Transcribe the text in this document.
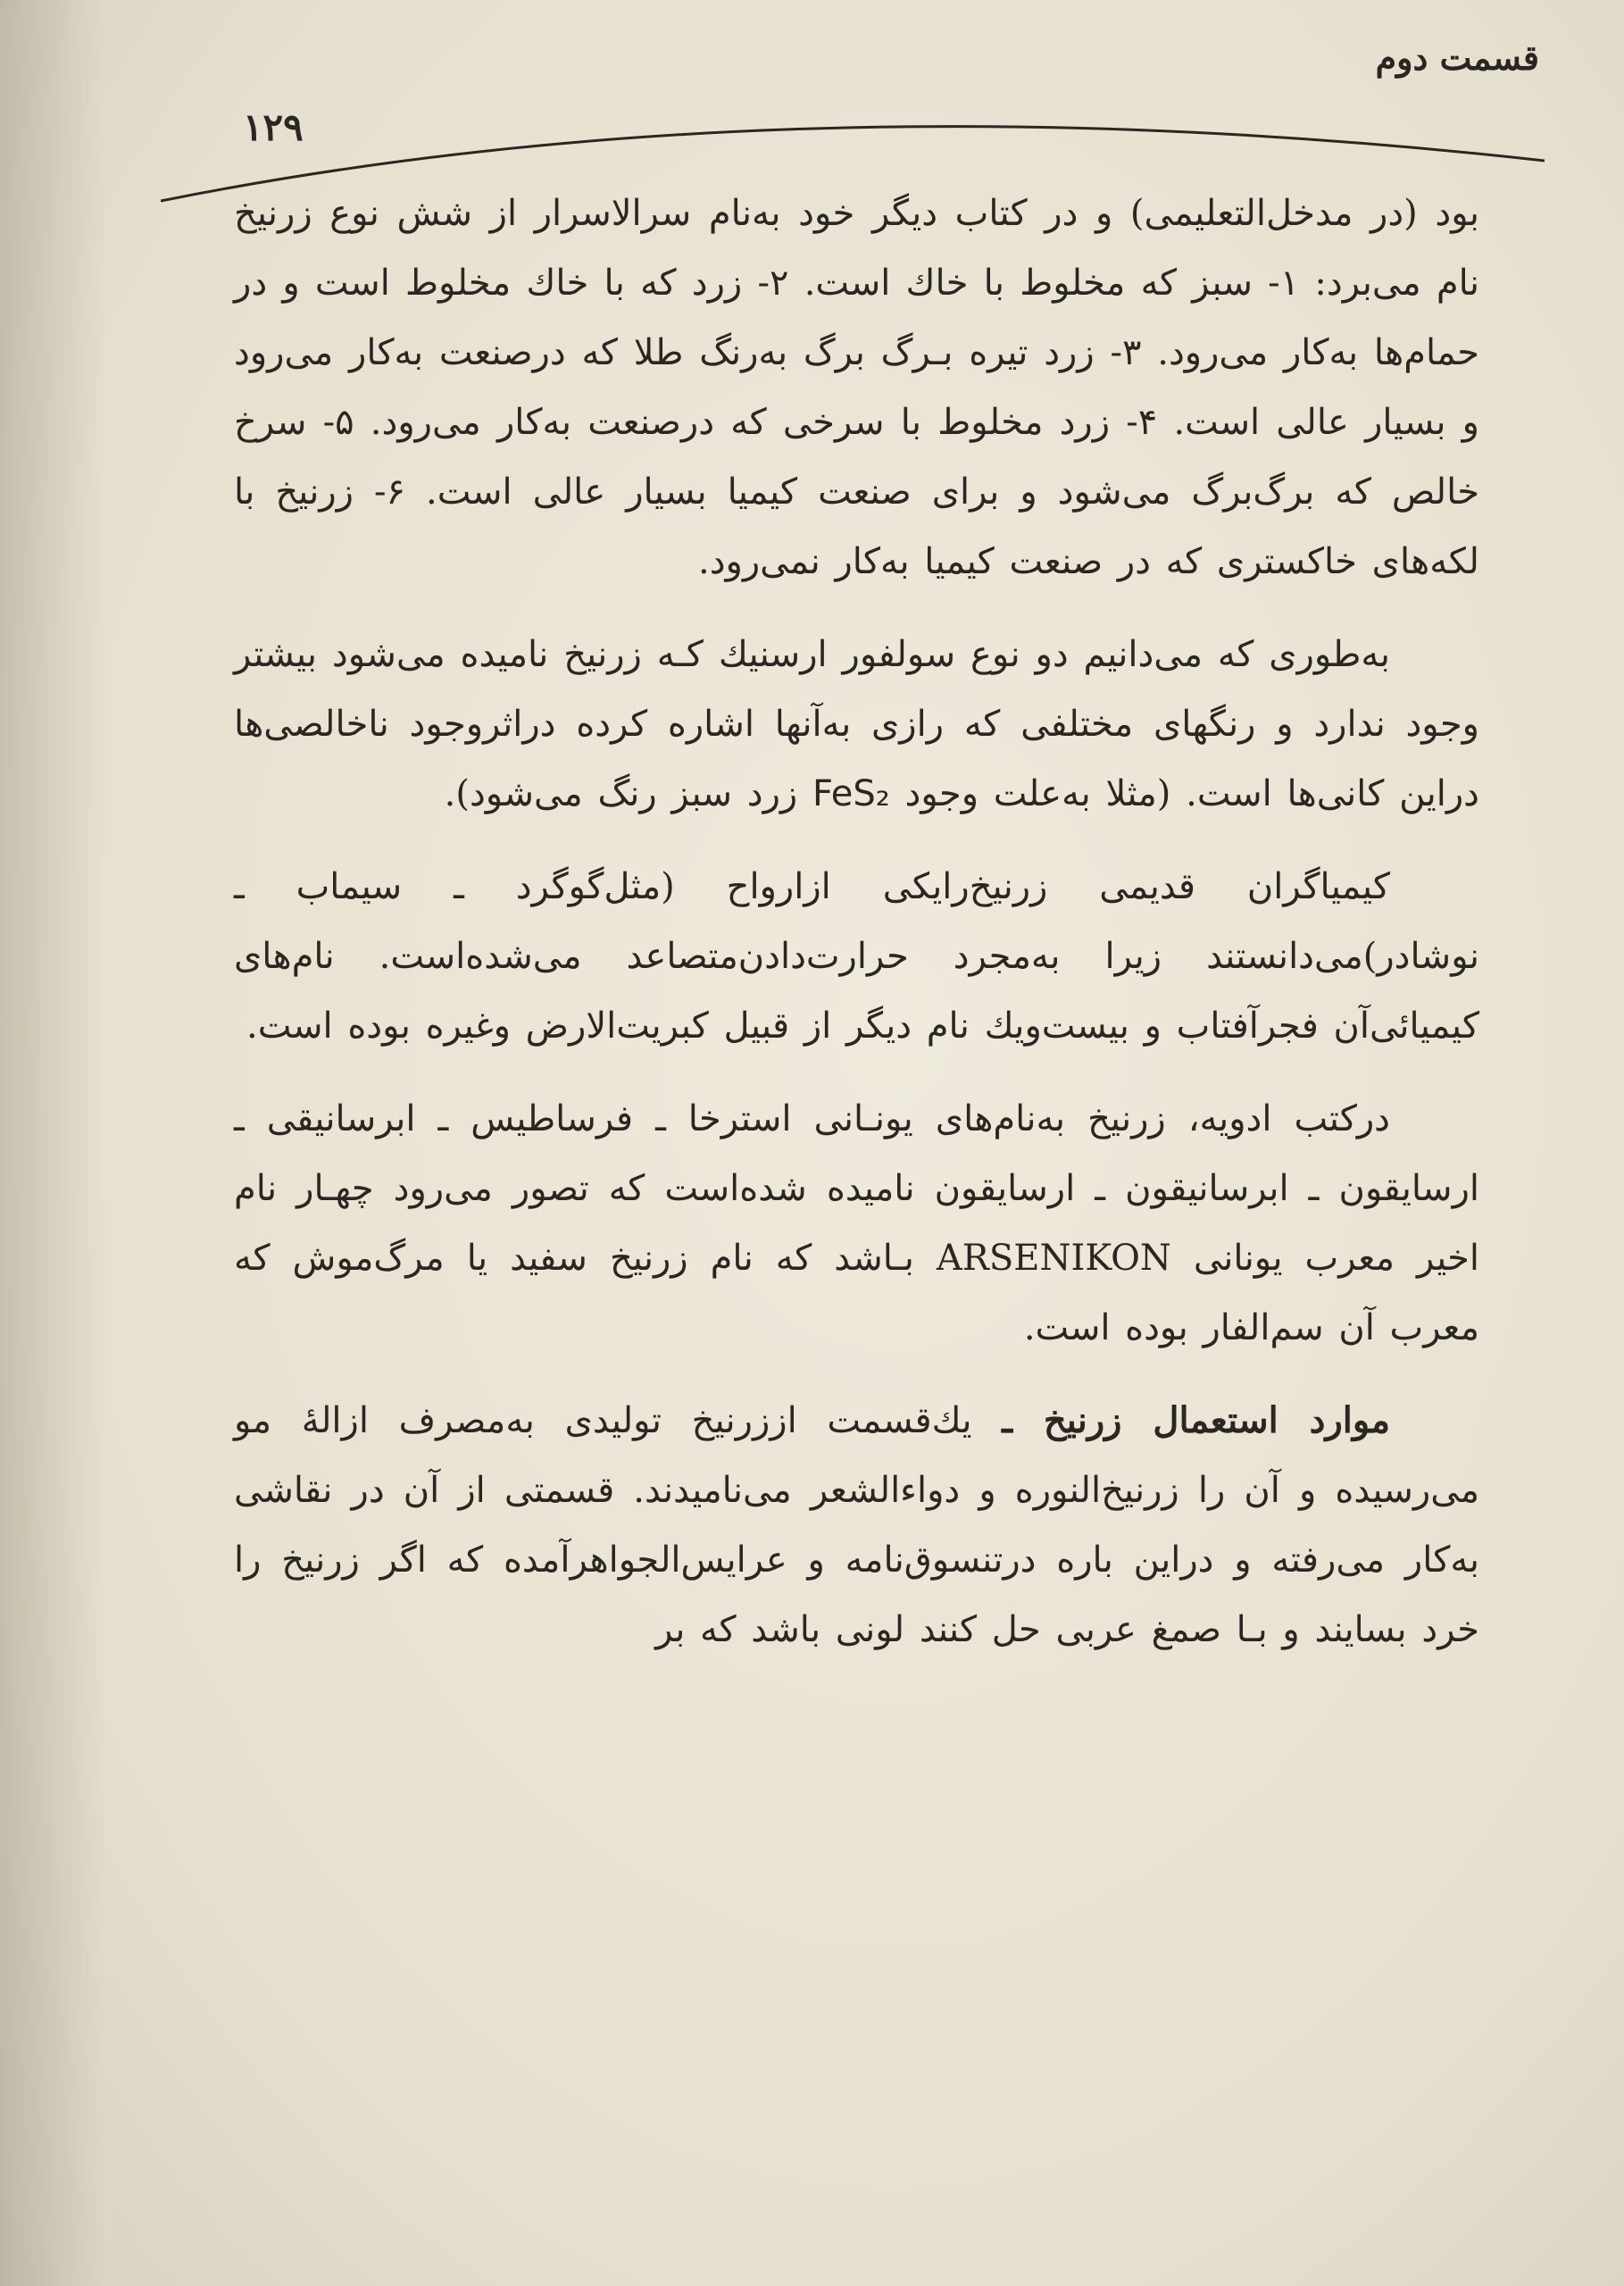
قسمت دوم
۱۲۹

بود (در مدخل‌التعلیمی) و در کتاب دیگر خود به‌نام سرالاسرار از شش نوع زرنیخ نام می‌برد: ۱- سبز که مخلوط با خاك است. ۲- زرد که با خاك مخلوط است و در حمام‌ها به‌کار می‌رود. ۳- زرد تیره بـرگ برگ به‌رنگ طلا که درصنعت به‌کار می‌رود و بسیار عالی است. ۴- زرد مخلوط با سرخی که درصنعت به‌کار می‌رود. ۵- سرخ خالص که برگ‌برگ می‌شود و برای صنعت کیمیا بسیار عالی است. ۶- زرنیخ با لکه‌های خاکستری که در صنعت کیمیا به‌کار نمی‌رود.

به‌طوری که می‌دانیم دو نوع سولفور ارسنیك کـه زرنیخ نامیده می‌شود بیشتر وجود ندارد و رنگهای مختلفی که رازی به‌آنها اشاره کرده دراثروجود ناخالصی‌ها دراین کانی‌ها است. (مثلا به‌علت وجود FeS₂ زرد سبز رنگ می‌شود).

کیمیاگران قدیمی زرنیخ‌رایکی ازارواح (مثل‌گوگرد ـ سیماب ـ نوشادر)می‌دانستند زیرا به‌مجرد حرارت‌دادن‌متصاعد می‌شده‌است. نام‌های کیمیائی‌آن فجرآفتاب و بیست‌ویك نام دیگر از قبیل کبریت‌الارض وغیره بوده است.

درکتب ادویه، زرنیخ به‌نام‌های یونـانی استرخا ـ فرساطیس ـ ابرسانیقی ـ ارسایقون ـ ابرسانیقون ـ ارسایقون نامیده شده‌است که تصور می‌رود چهـار نام اخیر معرب یونانی ARSENIKON بـاشد که نام زرنیخ سفید یا مرگ‌موش که معرب آن سم‌الفار بوده است.

موارد استعمال زرنیخ ـ یك‌قسمت اززرنیخ تولیدی به‌مصرف ازالهٔ مو می‌رسیده و آن را زرنیخ‌النوره و دواءالشعر می‌نامیدند. قسمتی از آن در نقاشی به‌کار می‌رفته و دراین باره درتنسوق‌نامه و عرایس‌الجواهرآمده که اگر زرنیخ را خرد بسایند و بـا صمغ عربی حل کنند لونی باشد که بر
